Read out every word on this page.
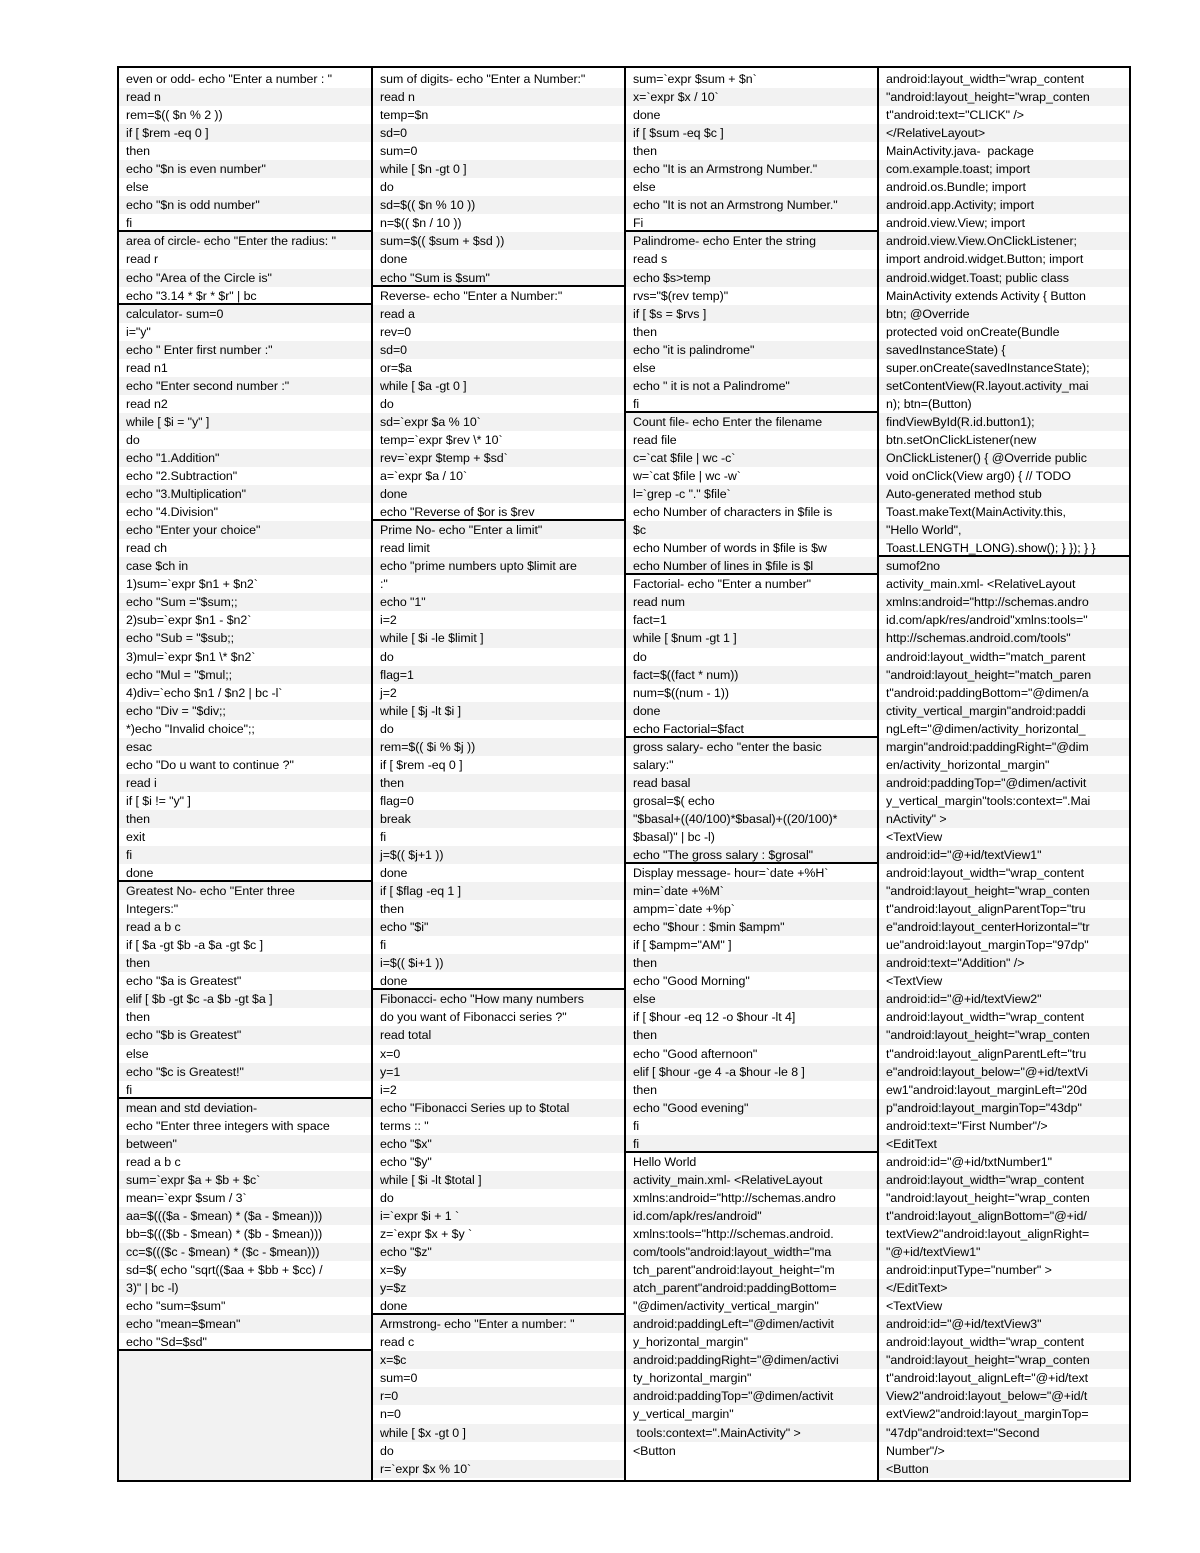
even or odd- echo "Enter a number : "
read n
rem=$(( $n % 2 ))
if [ $rem -eq 0 ]
then
echo "$n is even number"
else
echo "$n is odd number"
fi
area of circle- echo "Enter the radius: "
read r
echo "Area of the Circle is"
echo "3.14 * $r * $r" | bc
calculator- sum=0
i="y"
echo " Enter first number :"
read n1
echo "Enter second number :"
read n2
while [ $i = "y" ]
do
echo "1.Addition"
echo "2.Subtraction"
echo "3.Multiplication"
echo "4.Division"
echo "Enter your choice"
read ch
case $ch in
1)sum=`expr $n1 + $n2`
echo "Sum ="$sum;;
2)sub=`expr $n1 - $n2`
echo "Sub = "$sub;;
3)mul=`expr $n1 \* $n2`
echo "Mul = "$mul;;
4)div=`echo $n1 / $n2 | bc -l`
echo "Div = "$div;;
*)echo "Invalid choice";;
esac
echo "Do u want to continue ?"
read i
if [ $i != "y" ]
then
exit
fi
done
Greatest No- echo "Enter three
Integers:"
read a b c
if [ $a -gt $b -a $a -gt $c ]
then
echo "$a is Greatest"
elif [ $b -gt $c -a $b -gt $a ]
then
echo "$b is Greatest"
else
echo "$c is Greatest!"
fi
mean and std deviation-
echo "Enter three integers with space
between"
read a b c
sum=`expr $a + $b + $c`
mean=`expr $sum / 3`
aa=$((($a - $mean) * ($a - $mean)))
bb=$((($b - $mean) * ($b - $mean)))
cc=$((($c - $mean) * ($c - $mean)))
sd=$( echo "sqrt(($aa + $bb + $cc) /
3)" | bc -l)
echo "sum=$sum"
echo "mean=$mean"
echo "Sd=$sd"
sum of digits- echo "Enter a Number:"
read n
temp=$n
sd=0
sum=0
while [ $n -gt 0 ]
do
sd=$(( $n % 10 ))
n=$(( $n / 10 ))
sum=$(( $sum + $sd ))
done
echo "Sum is $sum"
Reverse- echo "Enter a Number:"
read a
rev=0
sd=0
or=$a
while [ $a -gt 0 ]
do
sd=`expr $a % 10`
temp=`expr $rev \* 10`
rev=`expr $temp + $sd`
a=`expr $a / 10`
done
echo "Reverse of $or is $rev
Prime No- echo "Enter a limit"
read limit
echo "prime numbers upto $limit are
:"
echo "1"
i=2
while [ $i -le $limit ]
do
flag=1
j=2
while [ $j -lt $i ]
do
rem=$(( $i % $j ))
if [ $rem -eq 0 ]
then
flag=0
break
fi
j=$(( $j+1 ))
done
if [ $flag -eq 1 ]
then
echo "$i"
fi
i=$(( $i+1 ))
done
Fibonacci- echo "How many numbers
do you want of Fibonacci series ?"
read total
x=0
y=1
i=2
echo "Fibonacci Series up to $total
terms :: "
echo "$x"
echo "$y"
while [ $i -lt $total ]
do
i=`expr $i + 1 `
z=`expr $x + $y `
echo "$z"
x=$y
y=$z
done
Armstrong- echo "Enter a number: "
read c
x=$c
sum=0
r=0
n=0
while [ $x -gt 0 ]
do
r=`expr $x % 10`
sum=`expr $sum + $n`
x=`expr $x / 10`
done
if [ $sum -eq $c ]
then
echo "It is an Armstrong Number."
else
echo "It is not an Armstrong Number."
Fi
Palindrome- echo Enter the string
read s
echo $s>temp
rvs="$(rev temp)"
if [ $s = $rvs ]
then
echo "it is palindrome"
else
echo " it is not a Palindrome"
fi
Count file- echo Enter the filename
read file
c=`cat $file | wc -c`
w=`cat $file | wc -w`
l=`grep -c "." $file`
echo Number of characters in $file is
$c
echo Number of words in $file is $w
echo Number of lines in $file is $l
Factorial- echo "Enter a number"
read num
fact=1
while [ $num -gt 1 ]
do
fact=$((fact * num))
num=$((num - 1))
done
echo Factorial=$fact
gross salary- echo "enter the basic
salary:"
read basal
grosal=$( echo
"$basal+((40/100)*$basal)+((20/100)*
$basal)" | bc -l)
echo "The gross salary : $grosal"
Display message- hour=`date +%H`
min=`date +%M`
ampm=`date +%p`
echo "$hour : $min $ampm"
if [ $ampm="AM" ]
then
echo "Good Morning"
else
if [ $hour -eq 12 -o $hour -lt 4]
then
echo "Good afternoon"
elif [ $hour -ge 4 -a $hour -le 8 ]
then
echo "Good evening"
fi
fi
Hello World
activity_main.xml- <RelativeLayout
xmlns:android="http://schemas.andro
id.com/apk/res/android"
xmlns:tools="http://schemas.android.
com/tools"android:layout_width="ma
tch_parent"android:layout_height="m
atch_parent"android:paddingBottom=
"@dimen/activity_vertical_margin"
android:paddingLeft="@dimen/activit
y_horizontal_margin"
android:paddingRight="@dimen/activi
ty_horizontal_margin"
android:paddingTop="@dimen/activit
y_vertical_margin"
tools:context=".MainActivity" >
<Button
android:layout_width="wrap_content
"android:layout_height="wrap_conten
t"android:text="CLICK" />
</RelativeLayout>
MainActivity.java-  package
com.example.toast; import
android.os.Bundle; import
android.app.Activity; import
android.view.View; import
android.view.View.OnClickListener;
import android.widget.Button; import
android.widget.Toast; public class
MainActivity extends Activity { Button
btn; @Override
protected void onCreate(Bundle
savedInstanceState) {
super.onCreate(savedInstanceState);
setContentView(R.layout.activity_mai
n); btn=(Button)
findViewById(R.id.button1);
btn.setOnClickListener(new
OnClickListener() { @Override public
void onClick(View arg0) { // TODO
Auto-generated method stub
Toast.makeText(MainActivity.this,
"Hello World",
Toast.LENGTH_LONG).show(); } }); } }
sumof2no
activity_main.xml- <RelativeLayout
xmlns:android="http://schemas.andro
id.com/apk/res/android"xmlns:tools="
http://schemas.android.com/tools"
android:layout_width="match_parent
"android:layout_height="match_paren
t"android:paddingBottom="@dimen/a
ctivity_vertical_margin"android:paddi
ngLeft="@dimen/activity_horizontal_
margin"android:paddingRight="@dim
en/activity_horizontal_margin"
android:paddingTop="@dimen/activit
y_vertical_margin"tools:context=".Mai
nActivity" >
<TextView
android:id="@+id/textView1"
android:layout_width="wrap_content
"android:layout_height="wrap_conten
t"android:layout_alignParentTop="tru
e"android:layout_centerHorizontal="tr
ue"android:layout_marginTop="97dp"
android:text="Addition" />
<TextView
android:id="@+id/textView2"
android:layout_width="wrap_content
"android:layout_height="wrap_conten
t"android:layout_alignParentLeft="tru
e"android:layout_below="@+id/textVi
ew1"android:layout_marginLeft="20d
p"android:layout_marginTop="43dp"
android:text="First Number"/>
<EditText
android:id="@+id/txtNumber1"
android:layout_width="wrap_content
"android:layout_height="wrap_conten
t"android:layout_alignBottom="@+id/
textView2"android:layout_alignRight=
"@+id/textView1"
android:inputType="number" >
</EditText>
<TextView
android:id="@+id/textView3"
android:layout_width="wrap_content
"android:layout_height="wrap_conten
t"android:layout_alignLeft="@+id/text
View2"android:layout_below="@+id/t
extView2"android:layout_marginTop=
"47dp"android:text="Second
Number"/>
<Button
